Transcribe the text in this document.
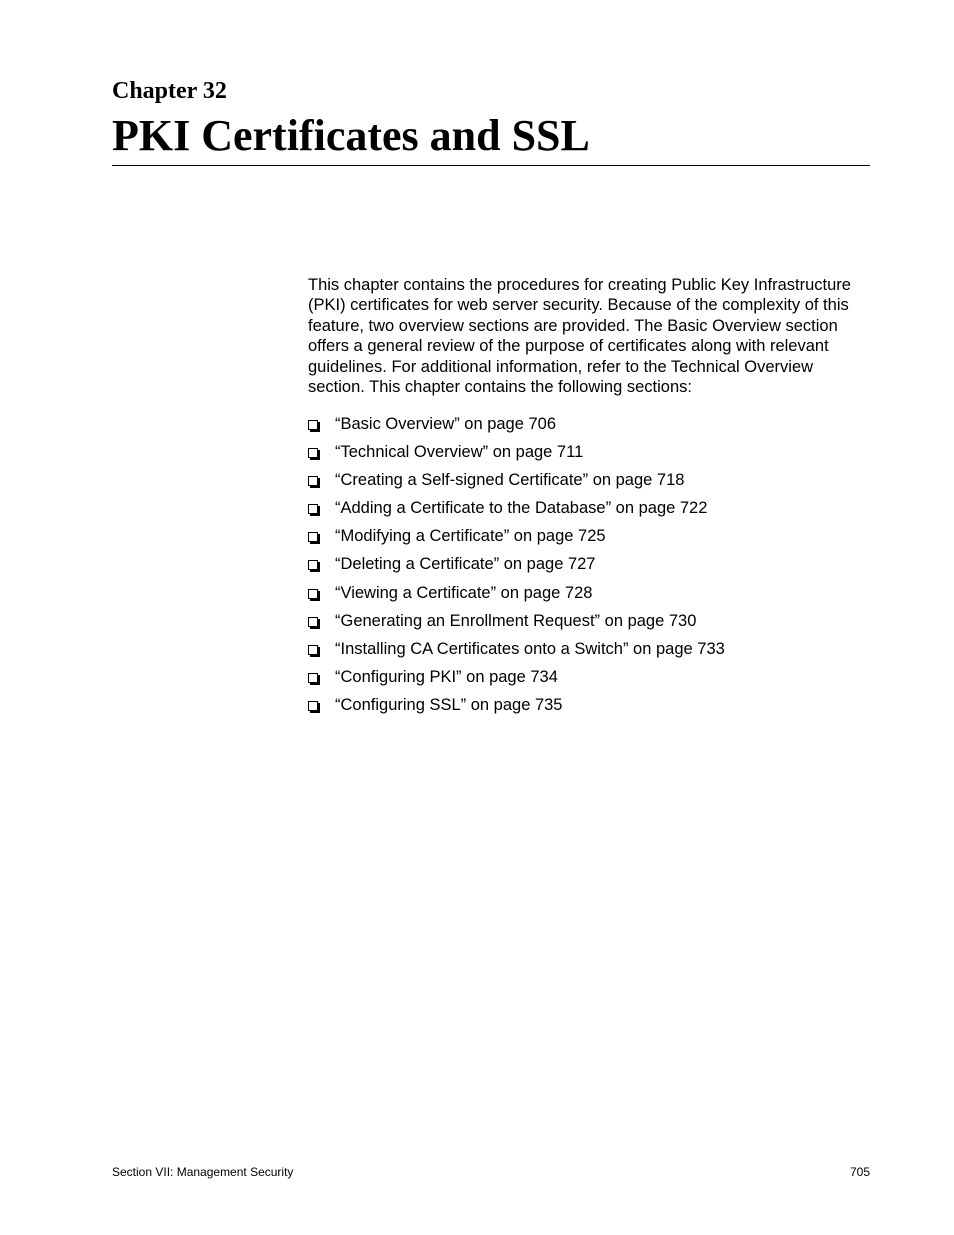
Chapter 32
PKI Certificates and SSL

This chapter contains the procedures for creating Public Key Infrastructure (PKI) certificates for web server security. Because of the complexity of this feature, two overview sections are provided. The Basic Overview section offers a general review of the purpose of certificates along with relevant guidelines. For additional information, refer to the Technical Overview section. This chapter contains the following sections:

“Basic Overview” on page 706
“Technical Overview” on page 711
“Creating a Self-signed Certificate” on page 718
“Adding a Certificate to the Database” on page 722
“Modifying a Certificate” on page 725
“Deleting a Certificate” on page 727
“Viewing a Certificate” on page 728
“Generating an Enrollment Request” on page 730
“Installing CA Certificates onto a Switch” on page 733
“Configuring PKI” on page 734
“Configuring SSL” on page 735
Section VII: Management Security	705
